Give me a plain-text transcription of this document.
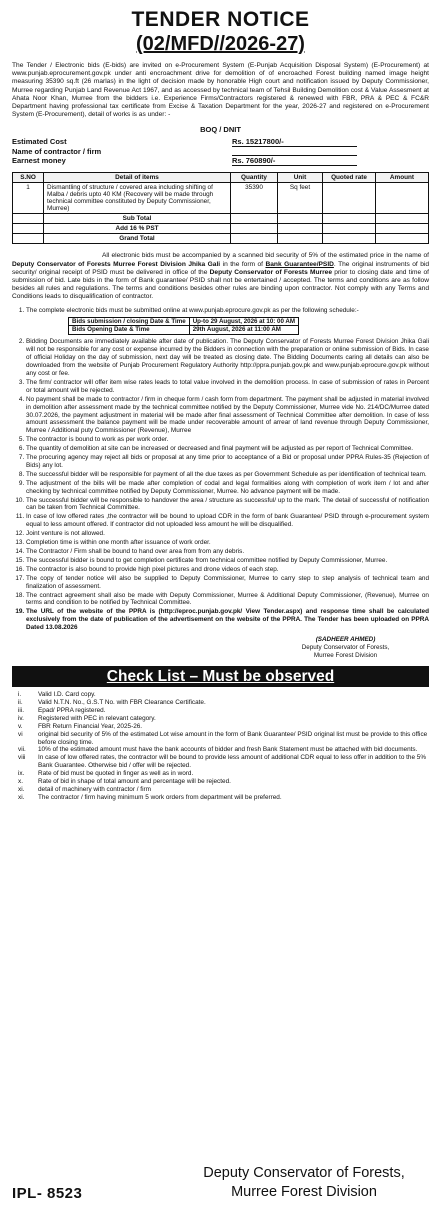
TENDER NOTICE
(02/MFD//2026-27)

The Tender / Electronic bids (E-bids) are invited on e-Procurement System (E-Punjab Acquisition Disposal System) (E-Procurement) at www.punjab.eprocurement.gov.pk under anti encroachment drive for demolition of of encroached Forest building named image height measuring 35390 sq.ft (26 marlas) in the light of decision made by honorable High court and notification issued by Deputy Commissioner, Murree regarding Punjab Land Revenue Act 1967, and as accessed by technical team of Tehsil Building Demolition cost & Value Assesment at Ahata Noor Khan, Murree from the bidders i.e. Experience Firms/Contractors registered & renewed with FBR, PRA & PEC & FC&R Department having professional tax certificate from Excise & Taxation Department for the year, 2026-27 and registered on e-Procurement System (E-Procurement), detail of works is as under: -

BOQ / DNIT
Estimated Cost	Rs. 15217800/-
Name of contractor / firm
Earnest money	Rs. 760890/-
S.NO	Detail of items	Quantity	Unit	Quoted rate	Amount
1	Dismantling of structure / covered area including shifting of Malba / debris upto 40 KM (Recovery will be made through technical committee constituted by Deputy Commissioner, Murree)	35390	Sq feet		
	Sub Total				
	Add 16 % PST				
	Grand Total				

All electronic bids must be accompanied by a scanned bid security of 5% of the estimated price in the name of Deputy Conservator of Forests Murree Forest Division Jhika Gali in the form of Bank Guarantee/PSID. The original instruments of bid security/ original receipt of PSID must be delivered in office of the Deputy Conservator of Forests Murree prior to closing date and time of submission of bid. Late bids in the form of Bank guarantee/ PSID shall not be entertained / accepted. The terms and conditions are as follow besides all rules and regulations. The terms and conditions besides other rules are binding upon contractor. Not comply with any Terms and Conditions leads to disqualification of contractor.

1. The complete electronic bids must be submitted online at www.punjab.eprocure.gov.pk as per the following schedule:-
Bids submission / closing Date & Time	Up-to 29 August, 2026 at 10: 00 AM
Bids Opening Date & Time	29th August, 2026 at 11:00 AM
2. Bidding Documents are immediately available after date of publication. The Deputy Conservator of Forests Murree Forest Division Jhika Gali will not be responsible for any cost or expense incurred by the Bidders in connection with the preparation or online submission of Bids. In case of official Holiday on the day of submission, next day will be treated as closing date. The Bidding Documents caring all details can also be downloaded from the website of Punjab Procurement Regulatory Authority http://ppra.punjab.gov.pk and www.punjab.eprocure.gov.pk without any cost or fee.
3. The firm/ contractor will offer item wise rates leads to total value involved in the demolition process. In case of submission of rates in Percent or total amount will be rejected.
4. No payment shall be made to contractor / firm in cheque form / cash form from department. The payment shall be adjusted in material involved in demolition after assessment made by the technical committee notified by the Deputy Commissioner, Murree vide No. 214/DC/Murree dated 30.07.2026, the payment adjustment in material will be made after final assessment of Technical Committee after demolition. In case of less amount assessment the balance payment will be made under recoverable amount of arrear of land revenue through Deputy Commissioner, Murree / Additional puty Commissioner (Revenue), Murree
5. The contractor is bound to work as per work order.
6. The quantity of demolition at site can be increased or decreased and final payment will be adjusted as per report of Technical Committee.
7. The procuring agency may reject all bids or proposal at any time prior to acceptance of a Bid or proposal under PPRA Rules-35 (Rejection of Bids) any lot.
8. The successful bidder will be responsible for payment of all the due taxes as per Government Schedule as per identification of technical team.
9. The adjustment of the bills will be made after completion of codal and legal formalities along with completion of work item / lot and after checking by technical committee notified by Deputy Commissioner, Murree. No advance payment will be made.
10. The successful bidder will be responsible to handover the area / structure as successful/ up to the mark. The detail of successful of notification can be taken from Technical Committee.
11. In case of low offered rates ,the contractor will be bound to upload CDR in the form of bank Guarantee/ PSID through e-procurement system equal to less amount offered. If contractor did not uploaded less amount he will be disqualified.
12. Joint venture is not allowed.
13. Completion time is within one month after issuance of work order.
14. The Contractor / Firm shall be bound to hand over area from from any debris.
15. The successful bidder is bound to get completion certificate from technical committee notified by Deputy Commissioner, Murree.
16. The contractor is also bound to provide high pixel pictures and drone videos of each step.
17. The copy of tender notice will also be supplied to Deputy Commissioner, Murree to carry step to step analysis of technical team and finalization of assessment.
18. The contract agreement shall also be made with Deputy Commissioner, Murree & Additional Deputy Commissioner, (Revenue), Murree on terms and condition to be notified by Technical Committee.
19. The URL of the website of the PPRA is (http://eproc.punjab.gov.pk/ View Tender.aspx) and response time shall be calculated exclusively from the date of publication of the advertisement on the website of the PPRA. The Tender has been uploaded on PPRA Dated 13.08.2026
(SADHEER AHMED)
Deputy Conservator of Forests,
Murree Forest Division
Check List – Must be observed
i.	Valid I.D. Card copy.
ii.	Valid N.T.N. No., G.S.T No. with FBR Clearance Certificate.
iii.	Epad/ PPRA registered.
iv.	Registered with PEC in relevant category.
v.	FBR Return Financial Year, 2025-26.
vi	original bid security of 5% of the estimated Lot wise amount in the form of Bank Guarantee/ PSID original list must be provide to this office before closing time.
vii.	10% of the estimated amount must have the bank accounts of bidder and fresh Bank Statement must be attached with bid documents.
viii	In case of low offered rates, the contractor will be bound to provide less amount of additional CDR equal to less offer in addition to the 5% Bank Guarantee. Otherwise bid / offer will be rejected.
ix.	Rate of bid must be quoted in finger as well as in word.
x.	Rate of bid in shape of total amount and percentage will be rejected.
xi.	detail of machinery with contractor / firm
xi.	The contractor / firm having minimum 5 work orders from department will be preferred.
IPL- 8523
Deputy Conservator of Forests,
Murree Forest Division
